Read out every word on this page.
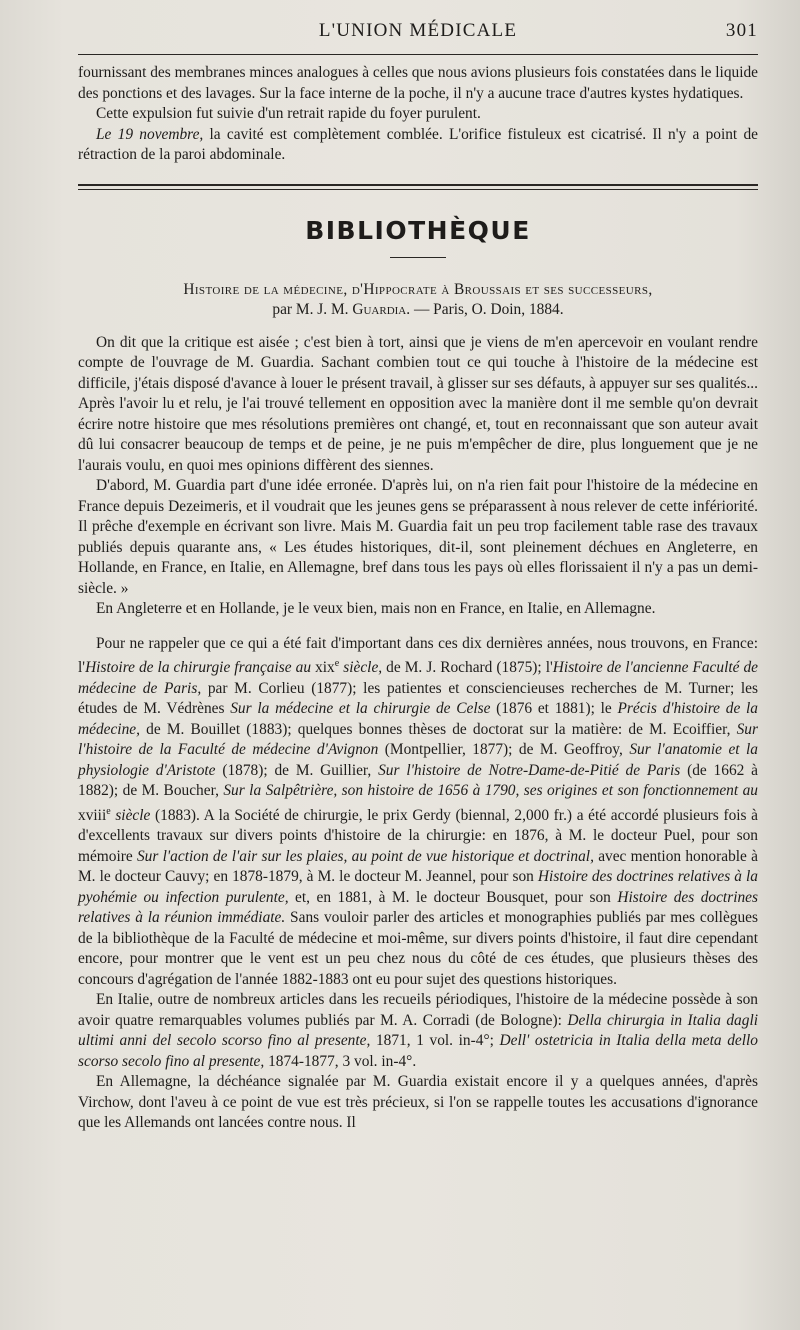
L'UNION MÉDICALE	301

fournissant des membranes minces analogues à celles que nous avions plusieurs fois constatées dans le liquide des ponctions et des lavages. Sur la face interne de la poche, il n'y a aucune trace d'autres kystes hydatiques.

Cette expulsion fut suivie d'un retrait rapide du foyer purulent.

Le 19 novembre, la cavité est complètement comblée. L'orifice fistuleux est cicatrisé. Il n'y a point de rétraction de la paroi abdominale.

BIBLIOTHÈQUE
Histoire de la médecine, d'Hippocrate à Broussais et ses successeurs,
par M. J. M. Guardia. — Paris, O. Doin, 1884.

On dit que la critique est aisée ; c'est bien à tort, ainsi que je viens de m'en apercevoir en voulant rendre compte de l'ouvrage de M. Guardia. Sachant combien tout ce qui touche à l'histoire de la médecine est difficile, j'étais disposé d'avance à louer le présent travail, à glisser sur ses défauts, à appuyer sur ses qualités... Après l'avoir lu et relu, je l'ai trouvé tellement en opposition avec la manière dont il me semble qu'on devrait écrire notre histoire que mes résolutions premières ont changé, et, tout en reconnaissant que son auteur avait dû lui consacrer beaucoup de temps et de peine, je ne puis m'empêcher de dire, plus longuement que je ne l'aurais voulu, en quoi mes opinions diffèrent des siennes.

D'abord, M. Guardia part d'une idée erronée. D'après lui, on n'a rien fait pour l'histoire de la médecine en France depuis Dezeimeris, et il voudrait que les jeunes gens se préparassent à nous relever de cette infériorité. Il prêche d'exemple en écrivant son livre. Mais M. Guardia fait un peu trop facilement table rase des travaux publiés depuis quarante ans, « Les études historiques, dit-il, sont pleinement déchues en Angleterre, en Hollande, en France, en Italie, en Allemagne, bref dans tous les pays où elles florissaient il n'y a pas un demi-siècle. »

En Angleterre et en Hollande, je le veux bien, mais non en France, en Italie, en Allemagne.

Pour ne rappeler que ce qui a été fait d'important dans ces dix dernières années, nous trouvons, en France: l'Histoire de la chirurgie française au xix$^e$ siècle, de M. J. Rochard (1875); l'Histoire de l'ancienne Faculté de médecine de Paris, par M. Corlieu (1877); les patientes et consciencieuses recherches de M. Turner; les études de M. Védrènes Sur la médecine et la chirurgie de Celse (1876 et 1881); le Précis d'histoire de la médecine, de M. Bouillet (1883); quelques bonnes thèses de doctorat sur la matière: de M. Ecoiffier, Sur l'histoire de la Faculté de médecine d'Avignon (Montpellier, 1877); de M. Geoffroy, Sur l'anatomie et la physiologie d'Aristote (1878); de M. Guillier, Sur l'histoire de Notre-Dame-de-Pitié de Paris (de 1662 à 1882); de M. Boucher, Sur la Salpêtrière, son histoire de 1656 à 1790, ses origines et son fonctionnement au xviii$^e$ siècle (1883). A la Société de chirurgie, le prix Gerdy (biennal, 2,000 fr.) a été accordé plusieurs fois à d'excellents travaux sur divers points d'histoire de la chirurgie: en 1876, à M. le docteur Puel, pour son mémoire Sur l'action de l'air sur les plaies, au point de vue historique et doctrinal, avec mention honorable à M. le docteur Cauvy; en 1878-1879, à M. le docteur M. Jeannel, pour son Histoire des doctrines relatives à la pyohémie ou infection purulente, et, en 1881, à M. le docteur Bousquet, pour son Histoire des doctrines relatives à la réunion immédiate. Sans vouloir parler des articles et monographies publiés par mes collègues de la bibliothèque de la Faculté de médecine et moi-même, sur divers points d'histoire, il faut dire cependant encore, pour montrer que le vent est un peu chez nous du côté de ces études, que plusieurs thèses des concours d'agrégation de l'année 1882-1883 ont eu pour sujet des questions historiques.

En Italie, outre de nombreux articles dans les recueils périodiques, l'histoire de la médecine possède à son avoir quatre remarquables volumes publiés par M. A. Corradi (de Bologne): Della chirurgia in Italia dagli ultimi anni del secolo scorso fino al presente, 1871, 1 vol. in-4°; Dell' ostetricia in Italia della meta dello scorso secolo fino al presente, 1874-1877, 3 vol. in-4°.

En Allemagne, la déchéance signalée par M. Guardia existait encore il y a quelques années, d'après Virchow, dont l'aveu à ce point de vue est très précieux, si l'on se rappelle toutes les accusations d'ignorance que les Allemands ont lancées contre nous. Il
